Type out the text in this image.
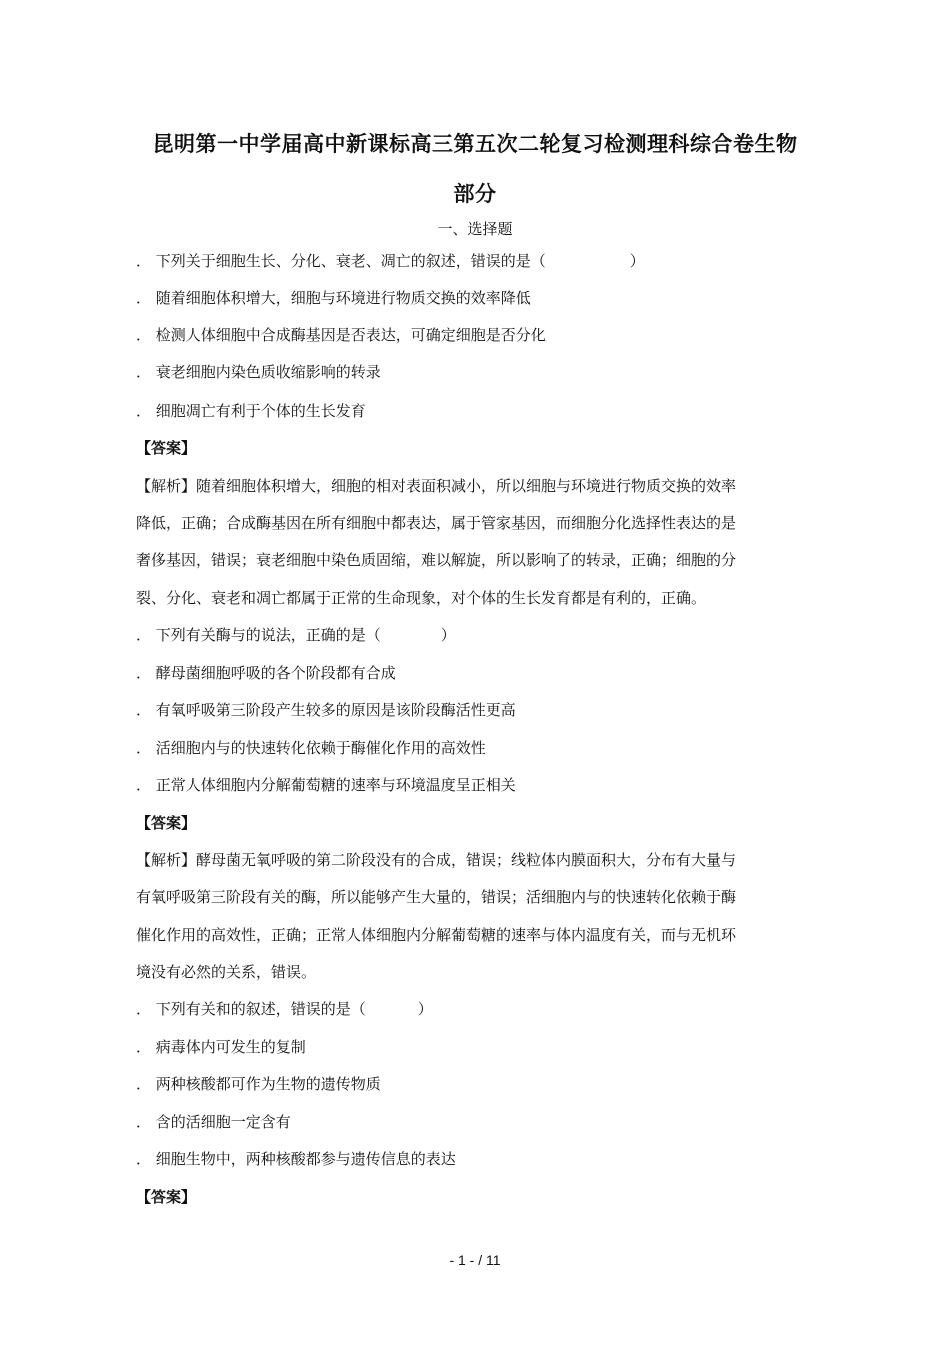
昆明第一中学届高中新课标高三第五次二轮复习检测理科综合卷生物
部分
一、选择题
． 下列关于细胞生长、分化、衰老、凋亡的叙述，错误的是（	）
． 随着细胞体积增大，细胞与环境进行物质交换的效率降低
． 检测人体细胞中合成酶基因是否表达，可确定细胞是否分化
． 衰老细胞内染色质收缩影响的转录
． 细胞凋亡有利于个体的生长发育
【答案】
【解析】随着细胞体积增大，细胞的相对表面积减小，所以细胞与环境进行物质交换的效率
降低，正确；合成酶基因在所有细胞中都表达，属于管家基因，而细胞分化选择性表达的是
奢侈基因，错误；衰老细胞中染色质固缩，难以解旋，所以影响了的转录，正确；细胞的分
裂、分化、衰老和凋亡都属于正常的生命现象，对个体的生长发育都是有利的，正确。
． 下列有关酶与的说法，正确的是（	）
． 酵母菌细胞呼吸的各个阶段都有合成
． 有氧呼吸第三阶段产生较多的原因是该阶段酶活性更高
． 活细胞内与的快速转化依赖于酶催化作用的高效性
． 正常人体细胞内分解葡萄糖的速率与环境温度呈正相关
【答案】
【解析】酵母菌无氧呼吸的第二阶段没有的合成，错误；线粒体内膜面积大，分布有大量与
有氧呼吸第三阶段有关的酶，所以能够产生大量的，错误；活细胞内与的快速转化依赖于酶
催化作用的高效性，正确；正常人体细胞内分解葡萄糖的速率与体内温度有关，而与无机环
境没有必然的关系，错误。
． 下列有关和的叙述，错误的是（	）
． 病毒体内可发生的复制
． 两种核酸都可作为生物的遗传物质
． 含的活细胞一定含有
． 细胞生物中，两种核酸都参与遗传信息的表达
【答案】
- 1 - / 11
